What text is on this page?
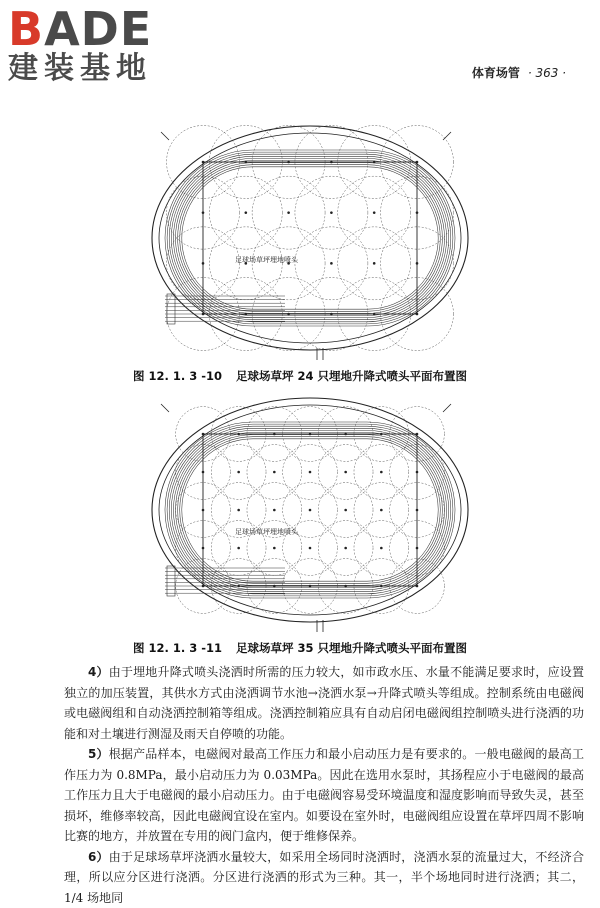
BADE
建装基地	体育场管 · 363 ·
足球场草坪埋地喷头
图 12. 1. 3 -10 足球场草坪 24 只埋地升降式喷头平面布置图
足球场草坪埋地喷头
图 12. 1. 3 -11 足球场草坪 35 只埋地升降式喷头平面布置图

4）由于埋地升降式喷头浇洒时所需的压力较大，如市政水压、水量不能满足要求时，应设置独立的加压装置，其供水方式由浇洒调节水池→浇洒水泵→升降式喷头等组成。控制系统由电磁阀或电磁阀组和自动浇洒控制箱等组成。浇洒控制箱应具有自动启闭电磁阀组控制喷头进行浇洒的功能和对土壤进行测湿及雨天自停喷的功能。

5）根据产品样本，电磁阀对最高工作压力和最小启动压力是有要求的。一般电磁阀的最高工作压力为 0.8MPa，最小启动压力为 0.03MPa。因此在选用水泵时，其扬程应小于电磁阀的最高工作压力且大于电磁阀的最小启动压力。由于电磁阀容易受环境温度和湿度影响而导致失灵，甚至损坏，维修率较高，因此电磁阀宜设在室内。如要设在室外时，电磁阀组应设置在草坪四周不影响比赛的地方，并放置在专用的阀门盒内，便于维修保养。

6）由于足球场草坪浇洒水量较大，如采用全场同时浇洒时，浇洒水泵的流量过大，不经济合理，所以应分区进行浇洒。分区进行浇洒的形式为三种。其一，半个场地同时进行浇洒；其二，1/4 场地同
